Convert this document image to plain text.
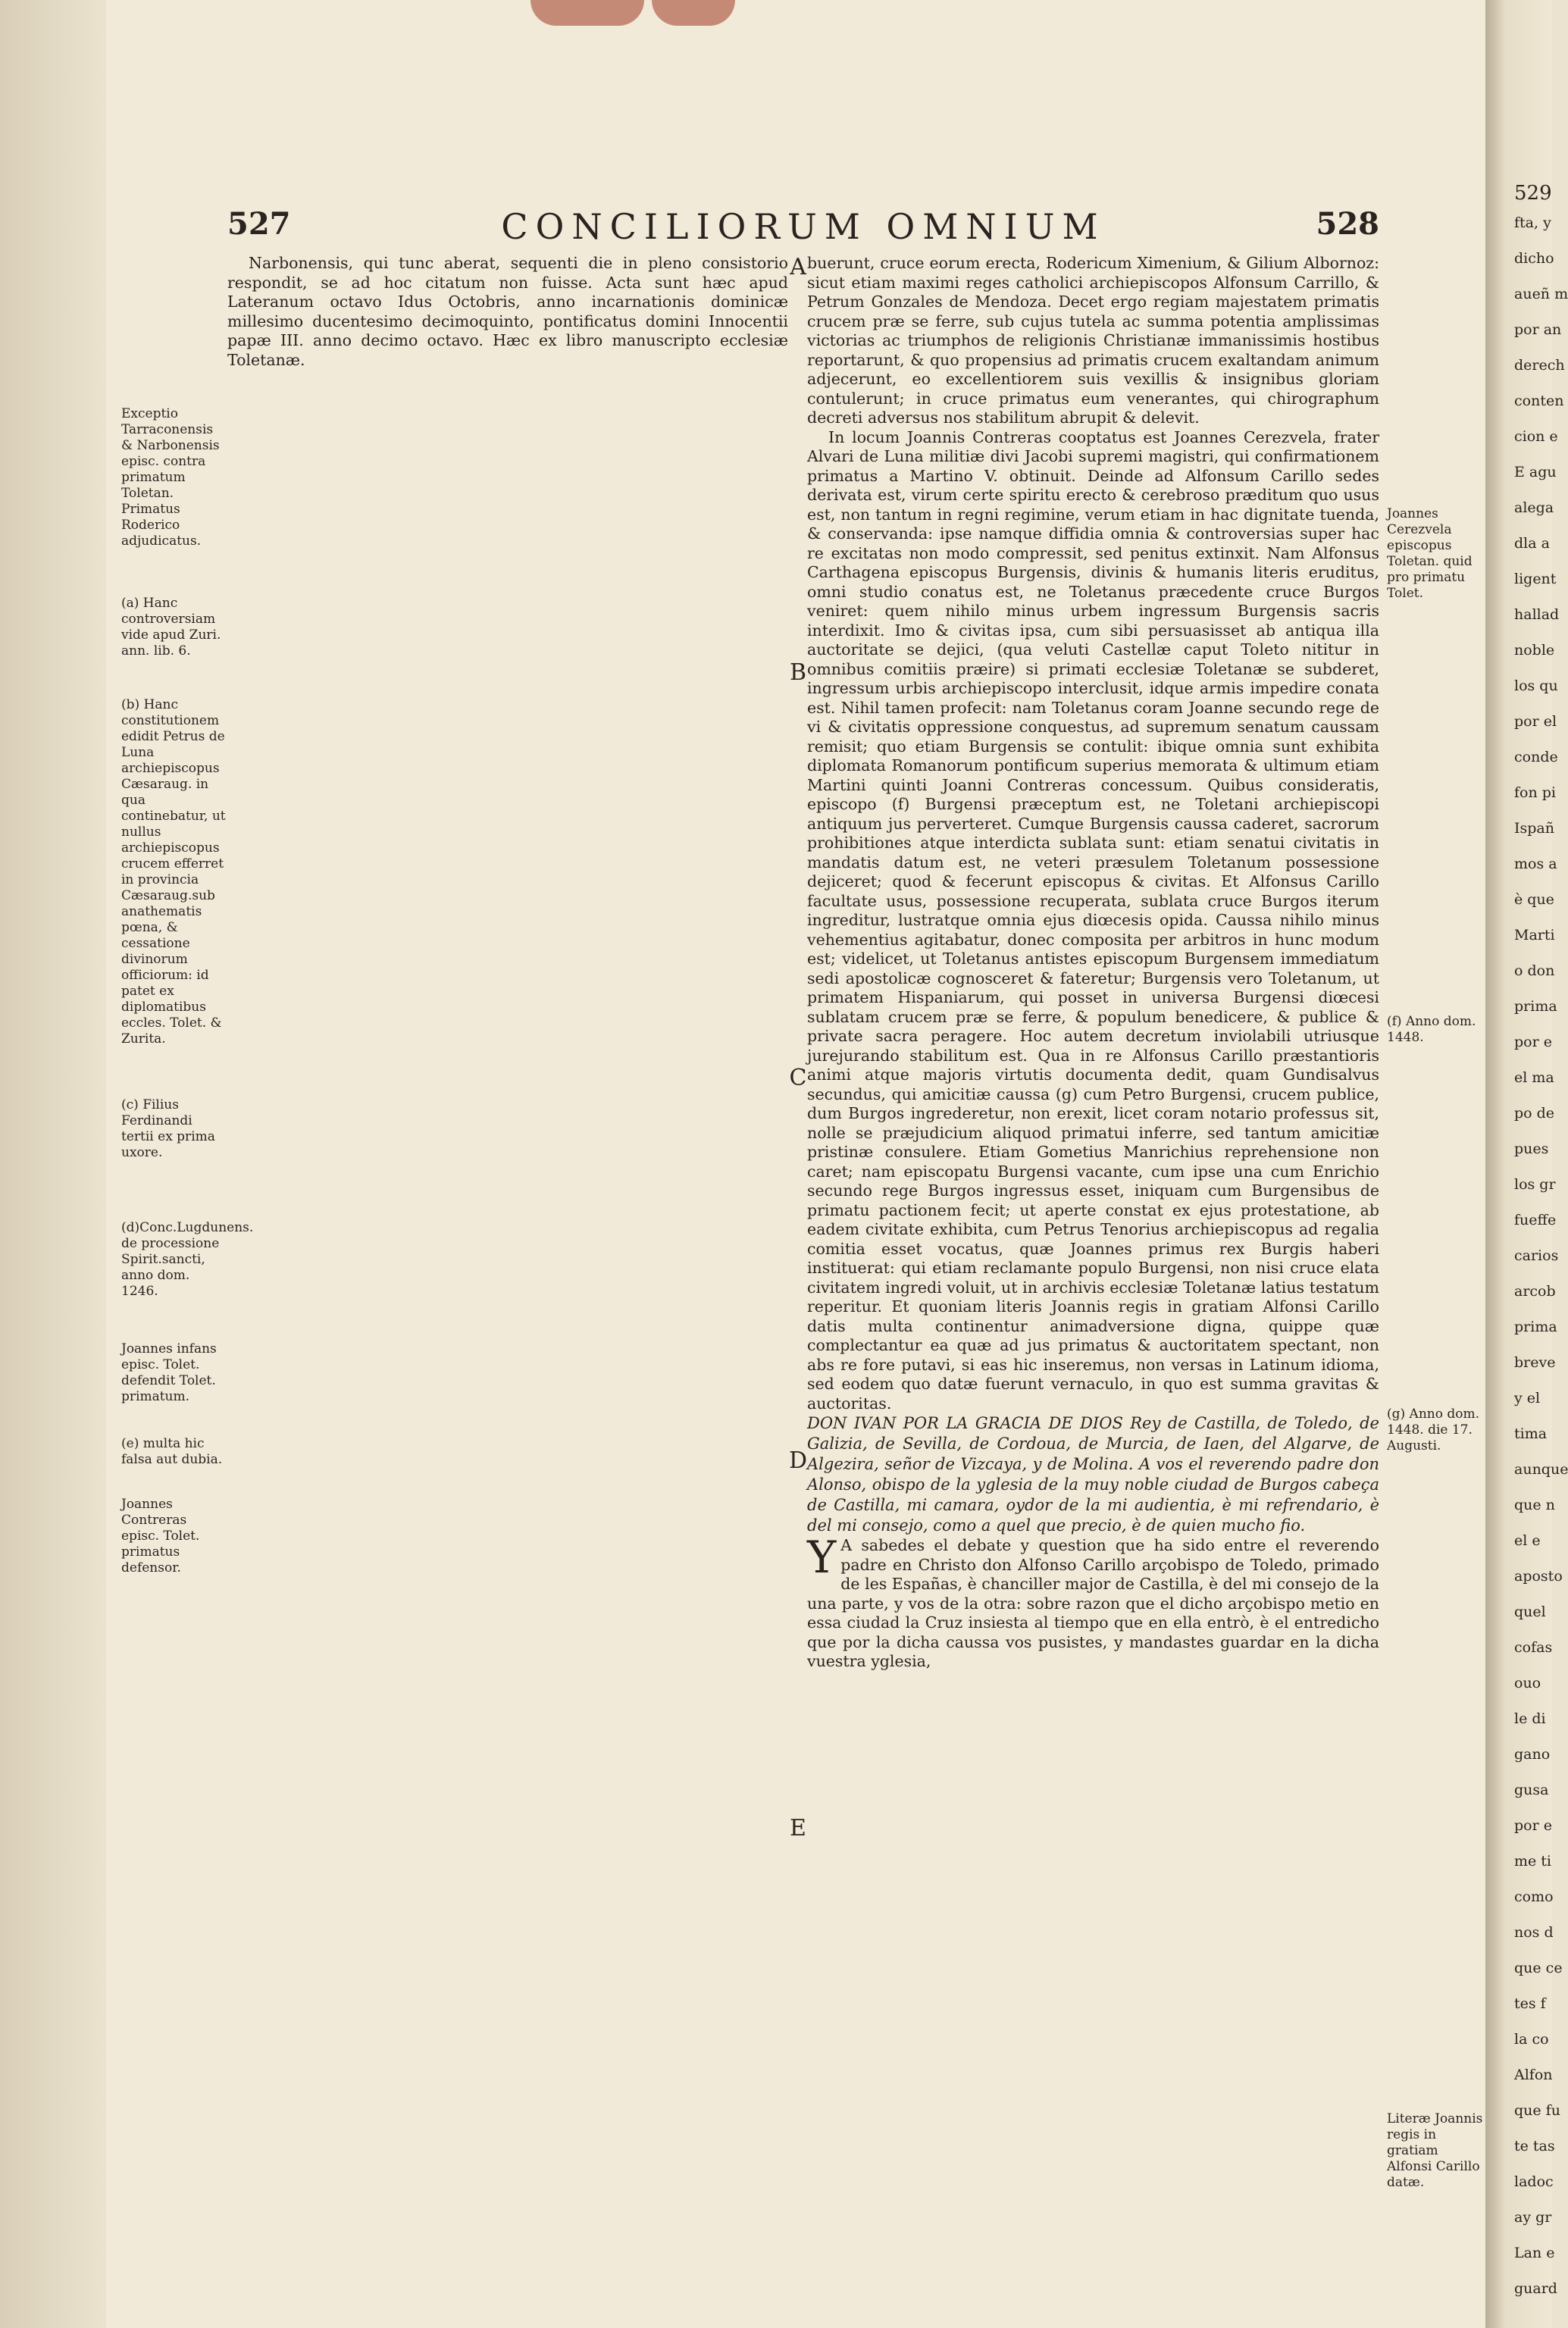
527	CONCILIORUM OMNIUM	528
A
B
C
D
E
Exceptio Tarraconensis & Narbonensis episc. contra primatum Toletan. Primatus Roderico adjudicatus.
(a) Hanc controversiam vide apud Zuri. ann. lib. 6.
(b) Hanc constitutionem edidit Petrus de Luna archiepiscopus Cæsaraug. in qua continebatur, ut nullus archiepiscopus crucem efferret in provincia Cæsaraug.sub anathematis pœna, & cessatione divinorum officiorum: id patet ex diplomatibus eccles. Tolet. & Zurita.
(c) Filius Ferdinandi tertii ex prima uxore.
(d)Conc.Lugdunens. de processione Spirit.sancti, anno dom. 1246.
Joannes infans episc. Tolet. defendit Tolet. primatum.
(e) multa hic falsa aut dubia.
Joannes Contreras episc. Tolet. primatus defensor.
Joannes Cerezvela episcopus Toletan. quid pro primatu Tolet.
(f) Anno dom. 1448.
(g) Anno dom. 1448. die 17. Augusti.
Literæ Joannis regis in gratiam Alfonsi Carillo datæ.

Narbonensis, qui tunc aberat, sequenti die in pleno consistorio respondit, se ad hoc citatum non fuisse. Acta sunt hæc apud Lateranum octavo Idus Octobris, anno incarnationis dominicæ millesimo ducentesimo decimoquinto, pontificatus domini Innocentii papæ III. anno decimo octavo. Hæc ex libro manuscripto ecclesiæ Toletanæ.

buerunt, cruce eorum erecta, Rodericum Ximenium, & Gilium Albornoz: sicut etiam maximi reges catholici archiepiscopos Alfonsum Carrillo, & Petrum Gonzales de Mendoza. Decet ergo regiam majestatem primatis crucem præ se ferre, sub cujus tutela ac summa potentia amplissimas victorias ac triumphos de religionis Christianæ immanissimis hostibus reportarunt, & quo propensius ad primatis crucem exaltandam animum adjecerunt, eo excellentiorem suis vexillis & insignibus gloriam contulerunt; in cruce primatus eum venerantes, qui chirographum decreti adversus nos stabilitum abrupit & delevit.

In locum Joannis Contreras cooptatus est Joannes Cerezvela, frater Alvari de Luna militiæ divi Jacobi supremi magistri, qui confirmationem primatus a Martino V. obtinuit. Deinde ad Alfonsum Carillo sedes derivata est, virum certe spiritu erecto & cerebroso præditum quo usus est, non tantum in regni regimine, verum etiam in hac dignitate tuenda, & conservanda: ipse namque diffidia omnia & controversias super hac re excitatas non modo compressit, sed penitus extinxit. Nam Alfonsus Carthagena episcopus Burgensis, divinis & humanis literis eruditus, omni studio conatus est, ne Toletanus præcedente cruce Burgos veniret: quem nihilo minus urbem ingressum Burgensis sacris interdixit. Imo & civitas ipsa, cum sibi persuasisset ab antiqua illa auctoritate se dejici, (qua veluti Castellæ caput Toleto nititur in omnibus comitiis præire) si primati ecclesiæ Toletanæ se subderet, ingressum urbis archiepiscopo interclusit, idque armis impedire conata est. Nihil tamen profecit: nam Toletanus coram Joanne secundo rege de vi & civitatis oppressione conquestus, ad supremum senatum caussam remisit; quo etiam Burgensis se contulit: ibique omnia sunt exhibita diplomata Romanorum pontificum superius memorata & ultimum etiam Martini quinti Joanni Contreras concessum. Quibus consideratis, episcopo (f) Burgensi præceptum est, ne Toletani archiepiscopi antiquum jus perverteret. Cumque Burgensis caussa caderet, sacrorum prohibitiones atque interdicta sublata sunt: etiam senatui civitatis in mandatis datum est, ne veteri præsulem Toletanum possessione dejiceret; quod & fecerunt episcopus & civitas. Et Alfonsus Carillo facultate usus, possessione recuperata, sublata cruce Burgos iterum ingreditur, lustratque omnia ejus diœcesis opida. Caussa nihilo minus vehementius agitabatur, donec composita per arbitros in hunc modum est; videlicet, ut Toletanus antistes episcopum Burgensem immediatum sedi apostolicæ cognosceret & fateretur; Burgensis vero Toletanum, ut primatem Hispaniarum, qui posset in universa Burgensi diœcesi sublatam crucem præ se ferre, & populum benedicere, & publice & private sacra peragere. Hoc autem decretum inviolabili utriusque jurejurando stabilitum est. Qua in re Alfonsus Carillo præstantioris animi atque majoris virtutis documenta dedit, quam Gundisalvus secundus, qui amicitiæ caussa (g) cum Petro Burgensi, crucem publice, dum Burgos ingrederetur, non erexit, licet coram notario professus sit, nolle se præjudicium aliquod primatui inferre, sed tantum amicitiæ pristinæ consulere. Etiam Gometius Manrichius reprehensione non caret; nam episcopatu Burgensi vacante, cum ipse una cum Enrichio secundo rege Burgos ingressus esset, iniquam cum Burgensibus de primatu pactionem fecit; ut aperte constat ex ejus protestatione, ab eadem civitate exhibita, cum Petrus Tenorius archiepiscopus ad regalia comitia esset vocatus, quæ Joannes primus rex Burgis haberi instituerat: qui etiam reclamante populo Burgensi, non nisi cruce elata civitatem ingredi voluit, ut in archivis ecclesiæ Toletanæ latius testatum reperitur. Et quoniam literis Joannis regis in gratiam Alfonsi Carillo datis multa continentur animadversione digna, quippe quæ complectantur ea quæ ad jus primatus & auctoritatem spectant, non abs re fore putavi, si eas hic inseremus, non versas in Latinum idioma, sed eodem quo datæ fuerunt vernaculo, in quo est summa gravitas & auctoritas.

DON IVAN POR LA GRACIA DE DIOS Rey de Castilla, de Toledo, de Galizia, de Sevilla, de Cordoua, de Murcia, de Iaen, del Algarve, de Algezira, señor de Vizcaya, y de Molina. A vos el reverendo padre don Alonso, obispo de la yglesia de la muy noble ciudad de Burgos cabeça de Castilla, mi camara, oydor de la mi audientia, è mi refrendario, è del mi consejo, como a quel que precio, è de quien mucho fio.

Y A sabedes el debate y question que ha sido entre el reverendo padre en Christo don Alfonso Carillo arçobispo de Toledo, primado de les Españas, è chanciller major de Castilla, è del mi consejo de la una parte, y vos de la otra: sobre razon que el dicho arçobispo metio en essa ciudad la Cruz insiesta al tiempo que en ella entrò, è el entredicho que por la dicha caussa vos pusistes, y mandastes guardar en la dicha vuestra yglesia,

529
fta, y
dicho
aueñ m
por an
derech
conten
cion e
E agu
alega
dla a
ligent
hallad
noble
los qu
por el
conde
fon pi
Ispañ
mos a
è que
Marti
o don
prima
por e
el ma
po de
pues
los gr
fueffe
carios
arcob
prima
breve
y el
tima
aunque
que n
el e
aposto
quel
cofas
ouo
le di
gano
gusa
por e
me ti
como
nos d
que ce
tes f
la co
Alfon
que fu
te tas
ladoc
ay gr
Lan e
guard
